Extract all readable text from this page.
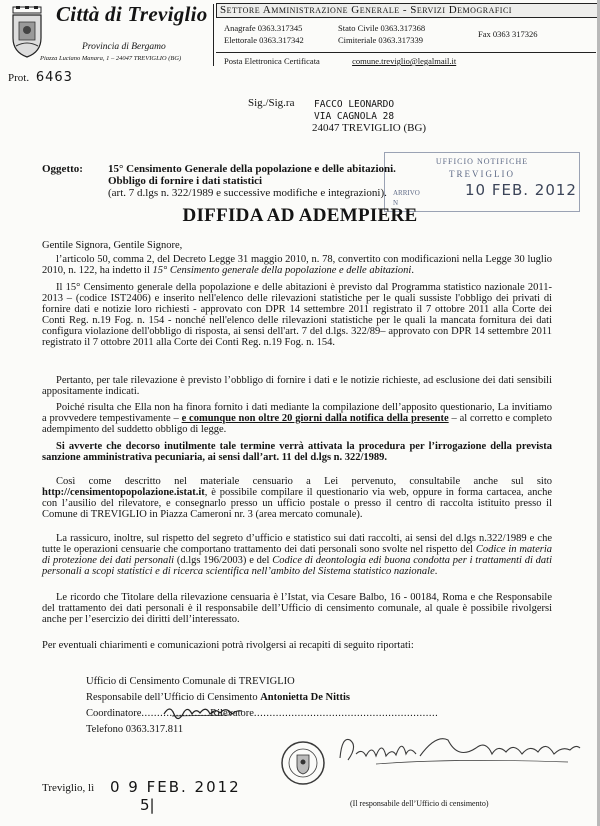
Città di Treviglio
Provincia di Bergamo
Piazza Luciano Manara, 1 – 24047 TREVIGLIO (BG)
Settore Amministrazione Generale - Servizi Demografici
Anagrafe 0363.317345
Elettorale 0363.317342
Stato Civile 0363.317368
Cimiteriale 0363.317339
Fax 0363 317326
Posta Elettronica Certificata	comune.treviglio@legalmail.it
Prot. 6463
Sig./Sig.ra FACCO LEONARDO
VIA CAGNOLA 28
24047 TREVIGLIO (BG)
UFFICIO NOTIFICHE
TREVIGLIO
ARRIVO	10 FEB. 2012
N
Oggetto: 15° Censimento Generale della popolazione e delle abitazioni.
Obbligo di fornire i dati statistici
(art. 7 d.lgs n. 322/1989 e successive modifiche e integrazioni).
DIFFIDA AD ADEMPIERE
Gentile Signora, Gentile Signore,
l’articolo 50, comma 2, del Decreto Legge 31 maggio 2010, n. 78, convertito con modificazioni nella Legge 30 luglio 2010, n. 122, ha indetto il 15° Censimento generale della popolazione e delle abitazioni.
Il 15° Censimento generale della popolazione e delle abitazioni è previsto dal Programma statistico nazionale 2011-2013 – (codice IST2406) e inserito nell'elenco delle rilevazioni statistiche per le quali sussiste l'obbligo dei privati di fornire dati e notizie loro richiesti - approvato con DPR 14 settembre 2011 registrato il 7 ottobre 2011 alla Corte dei Conti Reg. n.19 Fog. n. 154 - nonché nell'elenco delle rilevazioni statistiche per le quali la mancata fornitura dei dati configura violazione dell'obbligo di risposta, ai sensi dell'art. 7 del d.lgs. 322/89– approvato con DPR 14 settembre 2011 registrato il 7 ottobre 2011 alla Corte dei Conti Reg. n.19 Fog. n. 154.
Pertanto, per tale rilevazione è previsto l’obbligo di fornire i dati e le notizie richieste, ad esclusione dei dati sensibili appositamente indicati.
Poiché risulta che Ella non ha finora fornito i dati mediante la compilazione dell’apposito questionario, La invitiamo a provvedere tempestivamente – e comunque non oltre 20 giorni dalla notifica della presente – al corretto e completo adempimento del suddetto obbligo di legge.
Si avverte che decorso inutilmente tale termine verrà attivata la procedura per l’irrogazione della prevista sanzione amministrativa pecuniaria, ai sensi dall’art. 11 del d.lgs n. 322/1989.
Così come descritto nel materiale censuario a Lei pervenuto, consultabile anche sul sito http://censimentopopolazione.istat.it, è possibile compilare il questionario via web, oppure in forma cartacea, anche con l’ausilio del rilevatore, e consegnarlo presso un ufficio postale o presso il centro di raccolta istituito presso il Comune di TREVIGLIO in Piazza Cameroni nr. 3 (area mercato comunale).
La rassicuro, inoltre, sul rispetto del segreto d’ufficio e statistico sui dati raccolti, ai sensi del d.lgs n.322/1989 e che tutte le operazioni censuarie che comportano trattamento dei dati personali sono svolte nel rispetto del Codice in materia di protezione dei dati personali (d.lgs 196/2003) e del Codice di deontologia edi buona condotta per i trattamenti di dati personali a scopi statistici e di ricerca scientifica nell’ambito del Sistema statistico nazionale.
Le ricordo che Titolare della rilevazione censuaria è l’Istat, via Cesare Balbo, 16 - 00184, Roma e che Responsabile del trattamento dei dati personali è il responsabile dell’Ufficio di censimento comunale, al quale è possibile rivolgersi anche per l’esercizio dei diritti dell’interessato.
Per eventuali chiarimenti e comunicazioni potrà rivolgersi ai recapiti di seguito riportati:
Ufficio di Censimento Comunale di TREVIGLIO
Responsabile dell’Ufficio di Censimento Antonietta De Nittis
Coordinatore......................Rilevatore...........................................................
Telefono 0363.317.811
Treviglio, lì 0 9 FEB. 2012
(Il responsabile dell’Ufficio di censimento)
5|
